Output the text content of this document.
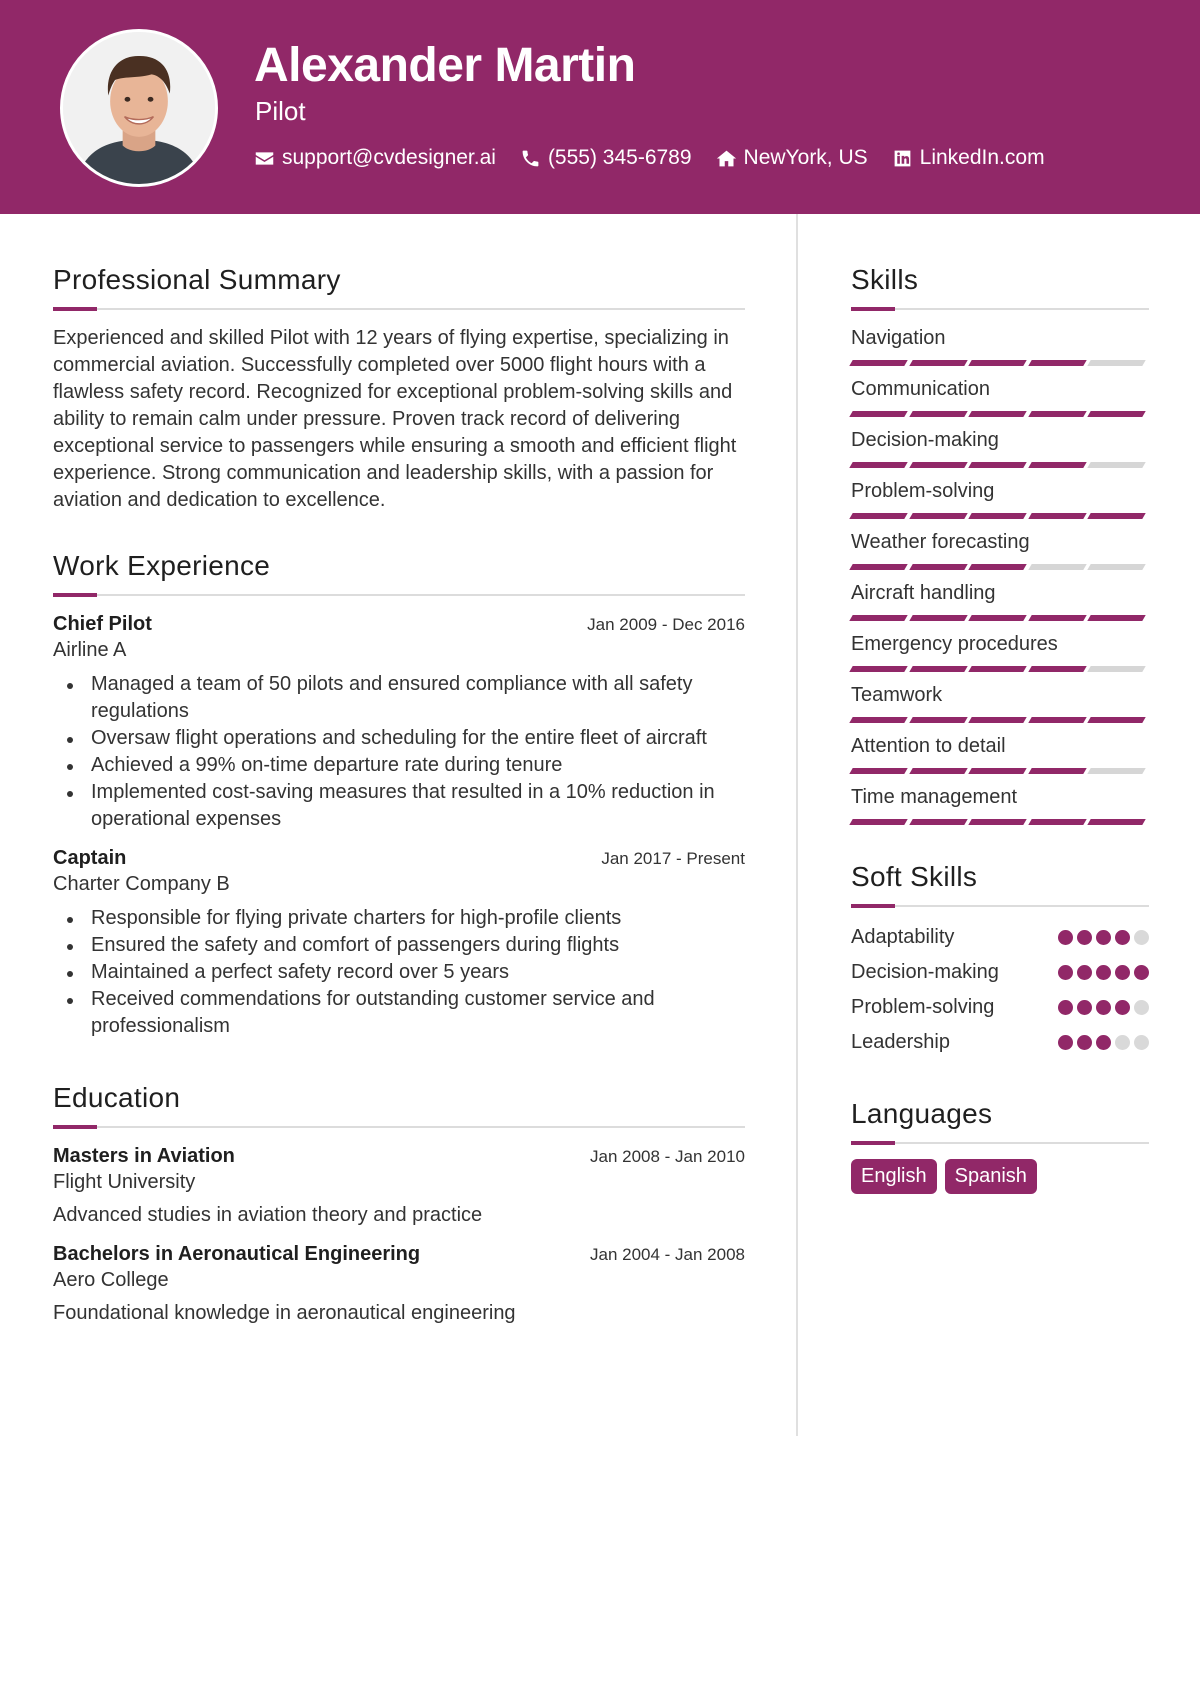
Alexander Martin
Pilot
support@cvdesigner.ai (555) 345-6789 NewYork, US LinkedIn.com
Professional Summary

Experienced and skilled Pilot with 12 years of flying expertise, specializing in commercial aviation. Successfully completed over 5000 flight hours with a flawless safety record. Recognized for exceptional problem-solving skills and ability to remain calm under pressure. Proven track record of delivering exceptional service to passengers while ensuring a smooth and efficient flight experience. Strong communication and leadership skills, with a passion for aviation and dedication to excellence.

Work Experience
Chief Pilot	Jan 2009 - Dec 2016
Airline A
Managed a team of 50 pilots and ensured compliance with all safety regulations
Oversaw flight operations and scheduling for the entire fleet of aircraft
Achieved a 99% on-time departure rate during tenure
Implemented cost-saving measures that resulted in a 10% reduction in operational expenses
Captain	Jan 2017 - Present
Charter Company B
Responsible for flying private charters for high-profile clients
Ensured the safety and comfort of passengers during flights
Maintained a perfect safety record over 5 years
Received commendations for outstanding customer service and professionalism
Education
Masters in Aviation	Jan 2008 - Jan 2010
Flight University
Advanced studies in aviation theory and practice
Bachelors in Aeronautical Engineering	Jan 2004 - Jan 2008
Aero College
Foundational knowledge in aeronautical engineering
Skills
Navigation
Communication
Decision-making
Problem-solving
Weather forecasting
Aircraft handling
Emergency procedures
Teamwork
Attention to detail
Time management
Soft Skills
Adaptability
Decision-making
Problem-solving
Leadership
Languages
English	Spanish
